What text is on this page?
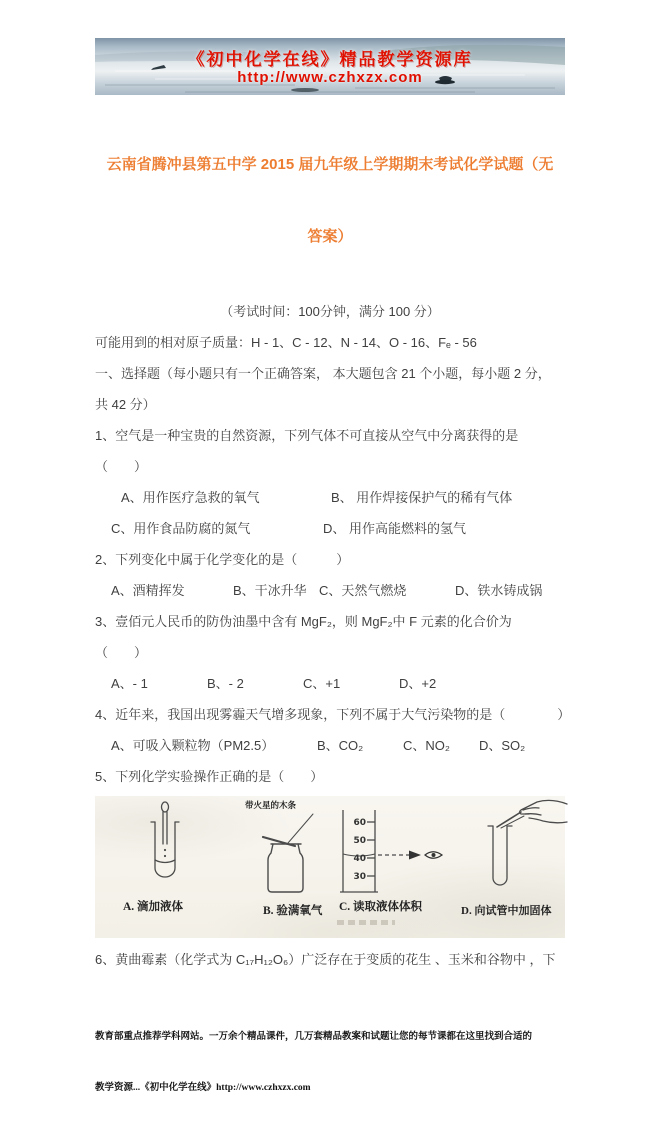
《初中化学在线》精品教学资源库
http://www.czhxzx.com

云南省腾冲县第五中学 2015 届九年级上学期期末考试化学试题（无

答案）

（考试时间：100分钟，满分 100 分）

可能用到的相对原子质量：H - 1、C - 12、N - 14、O - 16、Fₑ - 56

一、选择题（每小题只有一个正确答案， 本大题包含 21 个小题，每小题 2 分，

共 42 分）

1、空气是一种宝贵的自然资源，下列气体不可直接从空气中分离获得的是

（　　）

A、用作医疗急救的氧气	B、 用作焊接保护气的稀有气体
C、用作食品防腐的氮气	D、 用作高能燃料的氢气

2、下列变化中属于化学变化的是（　　　）

A、酒精挥发	B、干冰升华 C、天然气燃烧	D、铁水铸成锅

3、壹佰元人民币的防伪油墨中含有 MgF₂，则 MgF₂中 F 元素的化合价为

（　　）

A、- 1	B、- 2	C、+1	D、+2

4、近年来，我国出现雾霾天气增多现象，下列不属于大气污染物的是（　　　　）

A、可吸入颗粒物（PM2.5）	B、CO₂	C、NO₂	D、SO₂

5、下列化学实验操作正确的是（　　）

A. 滴加液体
带火星的木条
B. 验满氧气
60
50
40
30
C. 读取液体体积	D. 向试管中加固体

6、黄曲霉素（化学式为 C₁₇H₁₂O₆）广泛存在于变质的花生 、玉米和谷物中 ，下

教育部重点推荐学科网站。一万余个精品课件，几万套精品教案和试题让您的每节课都在这里找到合适的

教学资源...《初中化学在线》http://www.czhxzx.com
